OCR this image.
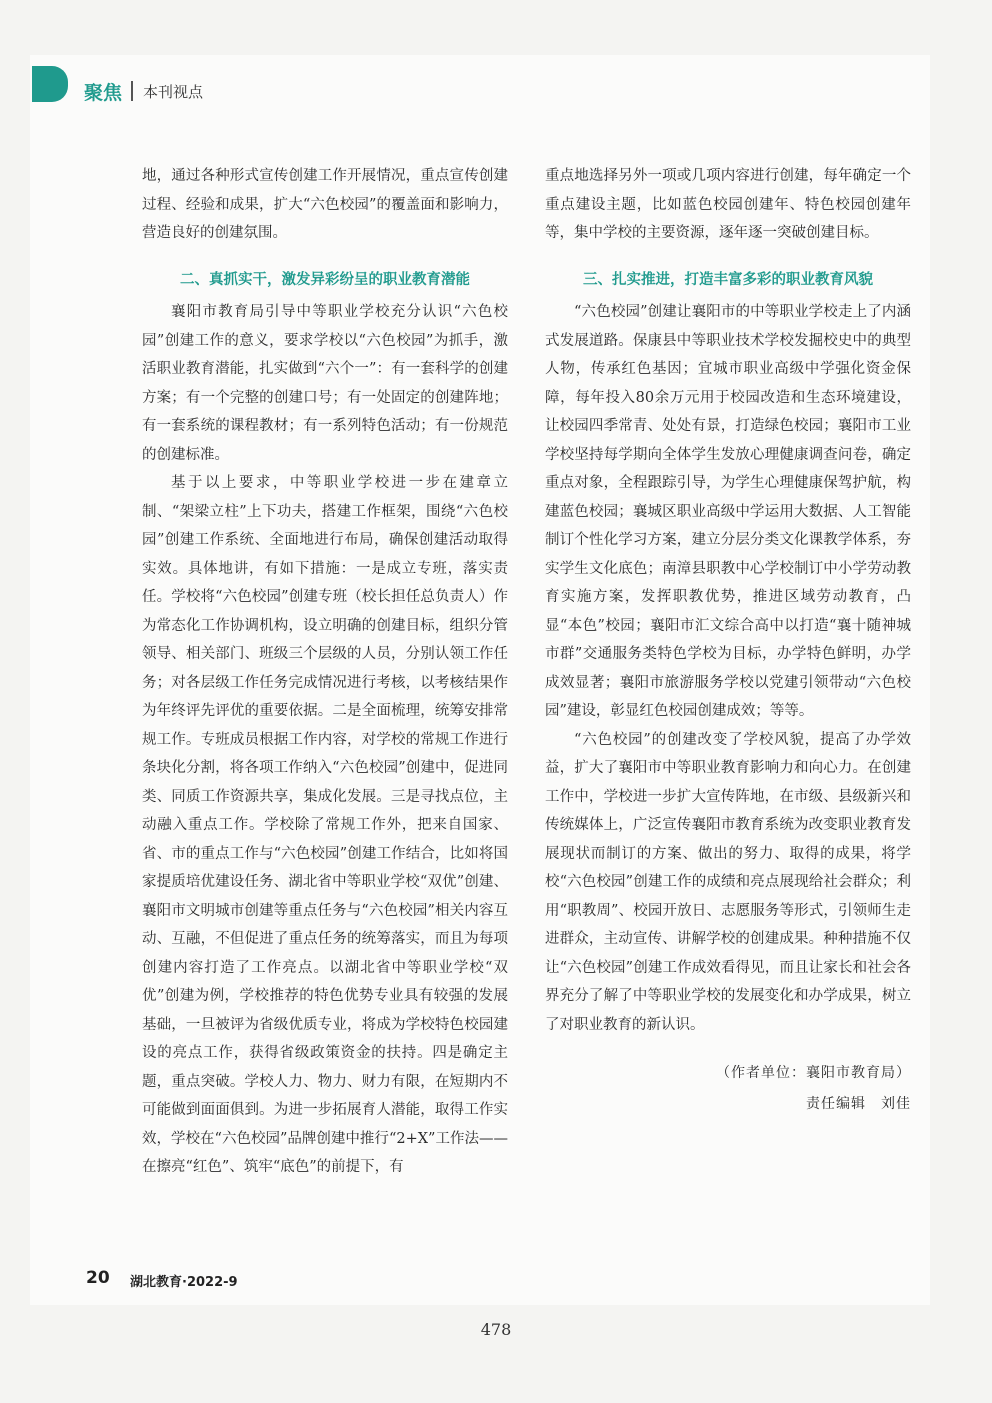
聚焦 本刊视点

地，通过各种形式宣传创建工作开展情况，重点宣传创建过程、经验和成果，扩大“六色校园”的覆盖面和影响力，营造良好的创建氛围。

二、真抓实干，激发异彩纷呈的职业教育潜能

襄阳市教育局引导中等职业学校充分认识“六色校园”创建工作的意义，要求学校以“六色校园”为抓手，激活职业教育潜能，扎实做到“六个一”：有一套科学的创建方案；有一个完整的创建口号；有一处固定的创建阵地；有一套系统的课程教材；有一系列特色活动；有一份规范的创建标准。

基于以上要求，中等职业学校进一步在建章立制、“架梁立柱”上下功夫，搭建工作框架，围绕“六色校园”创建工作系统、全面地进行布局，确保创建活动取得实效。具体地讲，有如下措施：一是成立专班，落实责任。学校将“六色校园”创建专班（校长担任总负责人）作为常态化工作协调机构，设立明确的创建目标，组织分管领导、相关部门、班级三个层级的人员，分别认领工作任务；对各层级工作任务完成情况进行考核，以考核结果作为年终评先评优的重要依据。二是全面梳理，统筹安排常规工作。专班成员根据工作内容，对学校的常规工作进行条块化分割，将各项工作纳入“六色校园”创建中，促进同类、同质工作资源共享，集成化发展。三是寻找点位，主动融入重点工作。学校除了常规工作外，把来自国家、省、市的重点工作与“六色校园”创建工作结合，比如将国家提质培优建设任务、湖北省中等职业学校“双优”创建、襄阳市文明城市创建等重点任务与“六色校园”相关内容互动、互融，不但促进了重点任务的统筹落实，而且为每项创建内容打造了工作亮点。以湖北省中等职业学校“双优”创建为例，学校推荐的特色优势专业具有较强的发展基础，一旦被评为省级优质专业，将成为学校特色校园建设的亮点工作，获得省级政策资金的扶持。四是确定主题，重点突破。学校人力、物力、财力有限，在短期内不可能做到面面俱到。为进一步拓展育人潜能，取得工作实效，学校在“六色校园”品牌创建中推行“2+X”工作法——在擦亮“红色”、筑牢“底色”的前提下，有

重点地选择另外一项或几项内容进行创建，每年确定一个重点建设主题，比如蓝色校园创建年、特色校园创建年等，集中学校的主要资源，逐年逐一突破创建目标。

三、扎实推进，打造丰富多彩的职业教育风貌

“六色校园”创建让襄阳市的中等职业学校走上了内涵式发展道路。保康县中等职业技术学校发掘校史中的典型人物，传承红色基因；宜城市职业高级中学强化资金保障，每年投入80余万元用于校园改造和生态环境建设，让校园四季常青、处处有景，打造绿色校园；襄阳市工业学校坚持每学期向全体学生发放心理健康调查问卷，确定重点对象，全程跟踪引导，为学生心理健康保驾护航，构建蓝色校园；襄城区职业高级中学运用大数据、人工智能制订个性化学习方案，建立分层分类文化课教学体系，夯实学生文化底色；南漳县职教中心学校制订中小学劳动教育实施方案，发挥职教优势，推进区域劳动教育，凸显“本色”校园；襄阳市汇文综合高中以打造“襄十随神城市群”交通服务类特色学校为目标，办学特色鲜明，办学成效显著；襄阳市旅游服务学校以党建引领带动“六色校园”建设，彰显红色校园创建成效；等等。

“六色校园”的创建改变了学校风貌，提高了办学效益，扩大了襄阳市中等职业教育影响力和向心力。在创建工作中，学校进一步扩大宣传阵地，在市级、县级新兴和传统媒体上，广泛宣传襄阳市教育系统为改变职业教育发展现状而制订的方案、做出的努力、取得的成果，将学校“六色校园”创建工作的成绩和亮点展现给社会群众；利用“职教周”、校园开放日、志愿服务等形式，引领师生走进群众，主动宣传、讲解学校的创建成果。种种措施不仅让“六色校园”创建工作成效看得见，而且让家长和社会各界充分了解了中等职业学校的发展变化和办学成果，树立了对职业教育的新认识。

（作者单位：襄阳市教育局）
责任编辑　刘佳
20 湖北教育·2022-9
478
